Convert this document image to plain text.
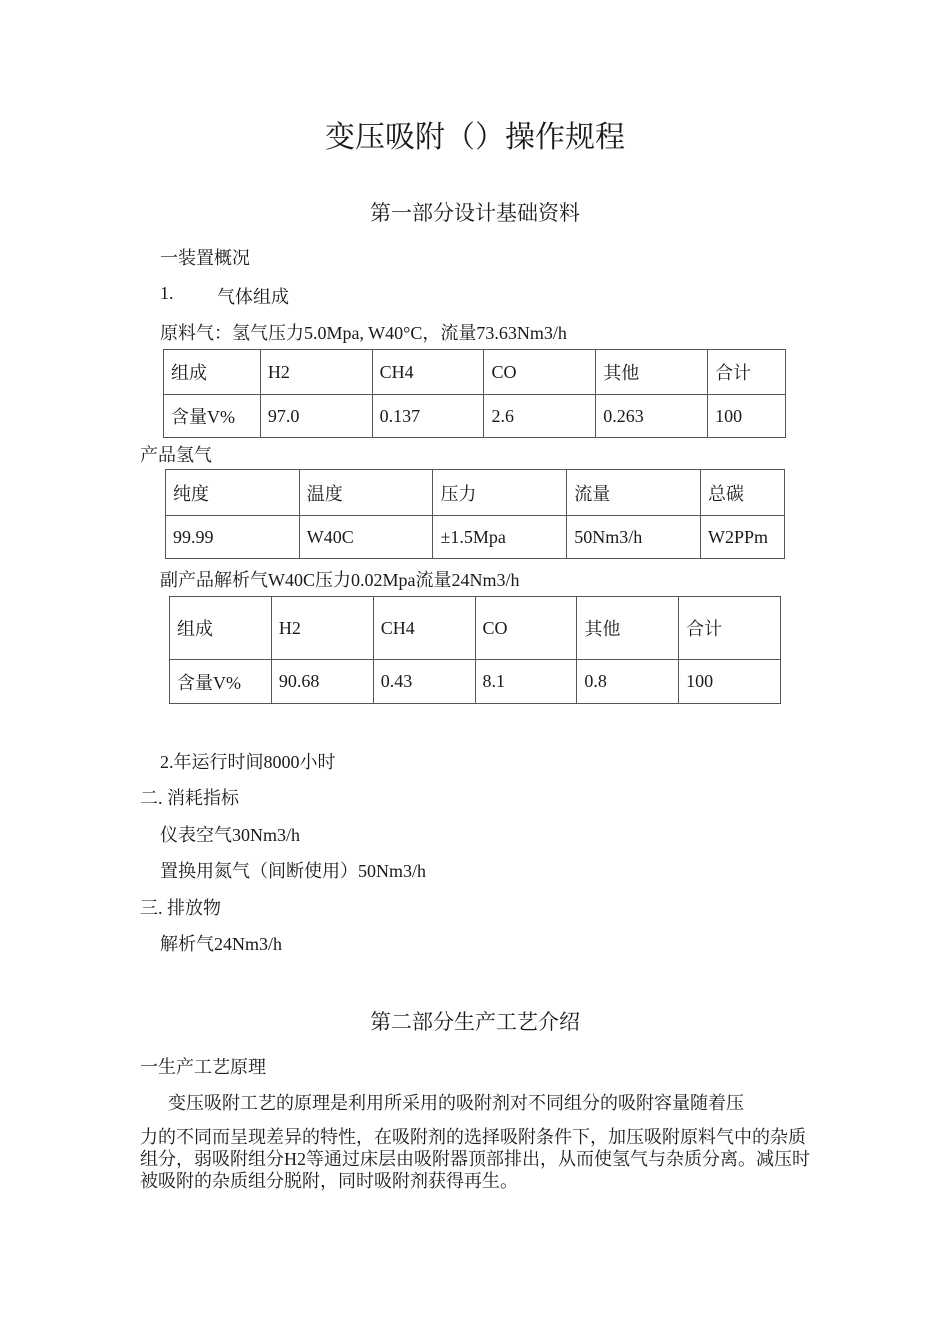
变压吸附（）操作规程
第一部分设计基础资料
一装置概况
1. 气体组成
原料气：氢气压力5.0Mpa, W40°C，流量73.63Nm3/h
组成	H2	CH4	CO	其他	合计
含量V%	97.0	0.137	2.6	0.263	100
产品氢气
纯度	温度	压力	流量	总碳
99.99	W40C	±1.5Mpa	50Nm3/h	W2PPm
副产品解析气W40C压力0.02Mpa流量24Nm3/h
组成	H2	CH4	CO	其他	合计
含量V%	90.68	0.43	8.1	0.8	100
2.年运行时间8000小时
二. 消耗指标
仪表空气30Nm3/h
置换用氮气（间断使用）50Nm3/h
三. 排放物
解析气24Nm3/h
第二部分生产工艺介绍
一生产工艺原理
变压吸附工艺的原理是利用所采用的吸附剂对不同组分的吸附容量随着压
力的不同而呈现差异的特性，在吸附剂的选择吸附条件下，加压吸附原料气中的杂质组分，弱吸附组分H2等通过床层由吸附器顶部排出，从而使氢气与杂质分离。减压时被吸附的杂质组分脱附，同时吸附剂获得再生。
